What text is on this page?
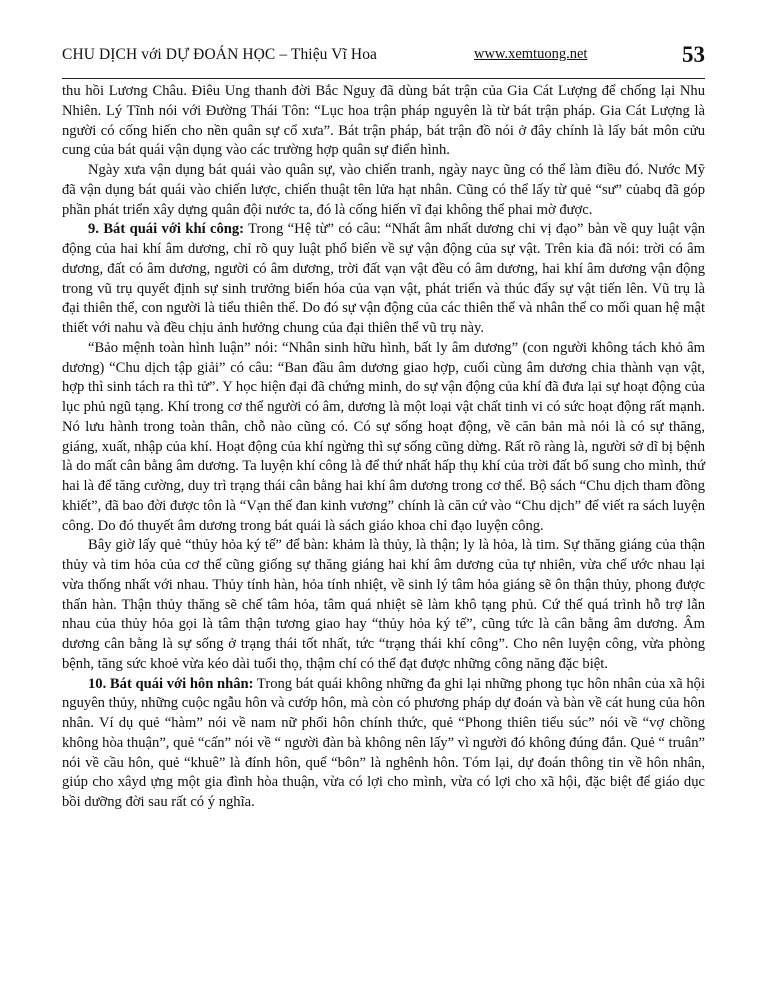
CHU DỊCH với DỰ ĐOÁN HỌC – Thiệu Vĩ Hoa	www.xemtuong.net	53

thu hồi Lương Châu. Điêu Ung thanh đời Bắc Nguỵ đã dùng bát trận của Gia Cát Lượng để chống lại Nhu Nhiên. Lý Tĩnh nói với Đường Thái Tôn: “Lục hoa trận pháp nguyên là từ bát trận pháp. Gia Cát Lượng là người có cống hiến cho nền quân sự cổ xưa”. Bát trận pháp, bát trận đồ nói ở đây chính là lấy bát môn cửu cung của bát quái vận dụng vào các trường hợp quân sự điển hình.

Ngày xưa vận dụng bát quái vào quân sự, vào chiến tranh, ngày nayc ũng có thể làm điều đó. Nước Mỹ đã vận dụng bát quái vào chiến lược, chiến thuật tên lửa hạt nhân. Cũng có thể lấy từ quẻ “sư” củabq đã góp phần phát triển xây dựng quân đội nước ta, đó là cống hiến vĩ đại không thể phai mờ được.

9. Bát quái với khí công: Trong “Hệ từ” có câu: “Nhất âm nhất dương chi vị đạo” bàn về quy luật vận động của hai khí âm dương, chỉ rõ quy luật phổ biến về sự vận động của sự vật. Trên kia đã nói: trời có âm dương, đất có âm dương, người có âm dương, trời đất vạn vật đều có âm dương, hai khí âm dương vận động trong vũ trụ quyết định sự sinh trưởng biến hóa của vạn vật, phát triển và thúc đẩy sự vật tiến lên. Vũ trụ là đại thiên thể, con người là tiểu thiên thể. Do đó sự vận động của các thiên thể và nhân thể co mối quan hệ mật thiết với nahu và đều chịu ảnh hưởng chung của đại thiên thể vũ trụ này.

“Bảo mệnh toàn hình luận” nói: “Nhân sinh hữu hình, bất ly âm dương” (con người không tách khỏ âm dương) “Chu dịch tập giải” có câu: “Ban đầu âm dương giao hợp, cuối cùng âm dương chia thành vạn vật, hợp thì sinh tách ra thì tử”. Y học hiện đại đã chứng minh, do sự vận động của khí đã đưa lại sự hoạt động của lục phủ ngũ tạng. Khí trong cơ thể người có âm, dương là một loại vật chất tinh vi có sức hoạt động rất mạnh. Nó lưu hành trong toàn thân, chỗ nào cũng có. Có sự sống hoạt động, về căn bản mà nói là có sự thăng, giáng, xuất, nhập của khí. Hoạt động của khí ngừng thì sự sống cũng dừng. Rất rõ ràng là, người sở dĩ bị bệnh là do mất cân bằng âm dương. Ta luyện khí công là để thứ nhất hấp thụ khí của trời đất bổ sung cho mình, thứ hai là để tăng cường, duy trì trạng thái cân bằng hai khí âm dương trong cơ thể. Bộ sách “Chu dịch tham đồng khiết”, đã bao đời được tôn là “Vạn thế đan kinh vương” chính là căn cứ vào “Chu dịch” để viết ra sách luyện công. Do đó thuyết âm dương trong bát quái là sách giáo khoa chỉ đạo luyện công.

Bây giờ lấy quẻ “thủy hỏa ký tế” để bàn: khảm là thủy, là thận; ly là hỏa, là tim. Sự thăng giáng của thận thủy và tim hỏa của cơ thể cũng giống sự thăng giáng hai khí âm dương của tự nhiên, vừa chế ước nhau lại vừa thống nhất với nhau. Thủy tính hàn, hỏa tính nhiệt, về sinh lý tâm hỏa giáng sẽ ôn thận thủy, phong được thấn hàn. Thận thủy thăng sẽ chế tâm hỏa, tâm quá nhiệt sẽ làm khô tạng phủ. Cứ thế quá trình hỗ trợ lẫn nhau của thủy hỏa gọi là tâm thận tương giao hay “thủy hỏa ký tế”, cũng tức là cân bằng âm dương. Âm dương cân bằng là sự sống ở trạng thái tốt nhất, tức “trạng thái khí công”. Cho nên luyện công, vừa phòng bệnh, tăng sức khoẻ vừa kéo dài tuổi thọ, thậm chí có thể đạt được những công năng đặc biệt.

10. Bát quái với hôn nhân: Trong bát quái không những đa ghi lại những phong tục hôn nhân của xã hội nguyên thủy, những cuộc ngẫu hôn và cướp hôn, mà còn có phương pháp dự đoán và bàn về cát hung của hôn nhân. Ví dụ quẻ “hàm” nói về nam nữ phối hôn chính thức, quẻ “Phong thiên tiểu súc” nói về “vợ chồng không hòa thuận”, quẻ “cấn” nói về “ người đàn bà không nên lấy” vì người đó không đúng đắn. Quẻ “ truân” nói về cầu hôn, quẻ “khuê” là đính hôn, quế “bôn” là nghênh hôn. Tóm lại, dự đoán thông tin về hôn nhân, giúp cho xâyd ựng một gia đình hòa thuận, vừa có lợi cho mình, vừa có lợi cho xã hội, đặc biệt để giáo dục bồi dưỡng đời sau rất có ý nghĩa.
